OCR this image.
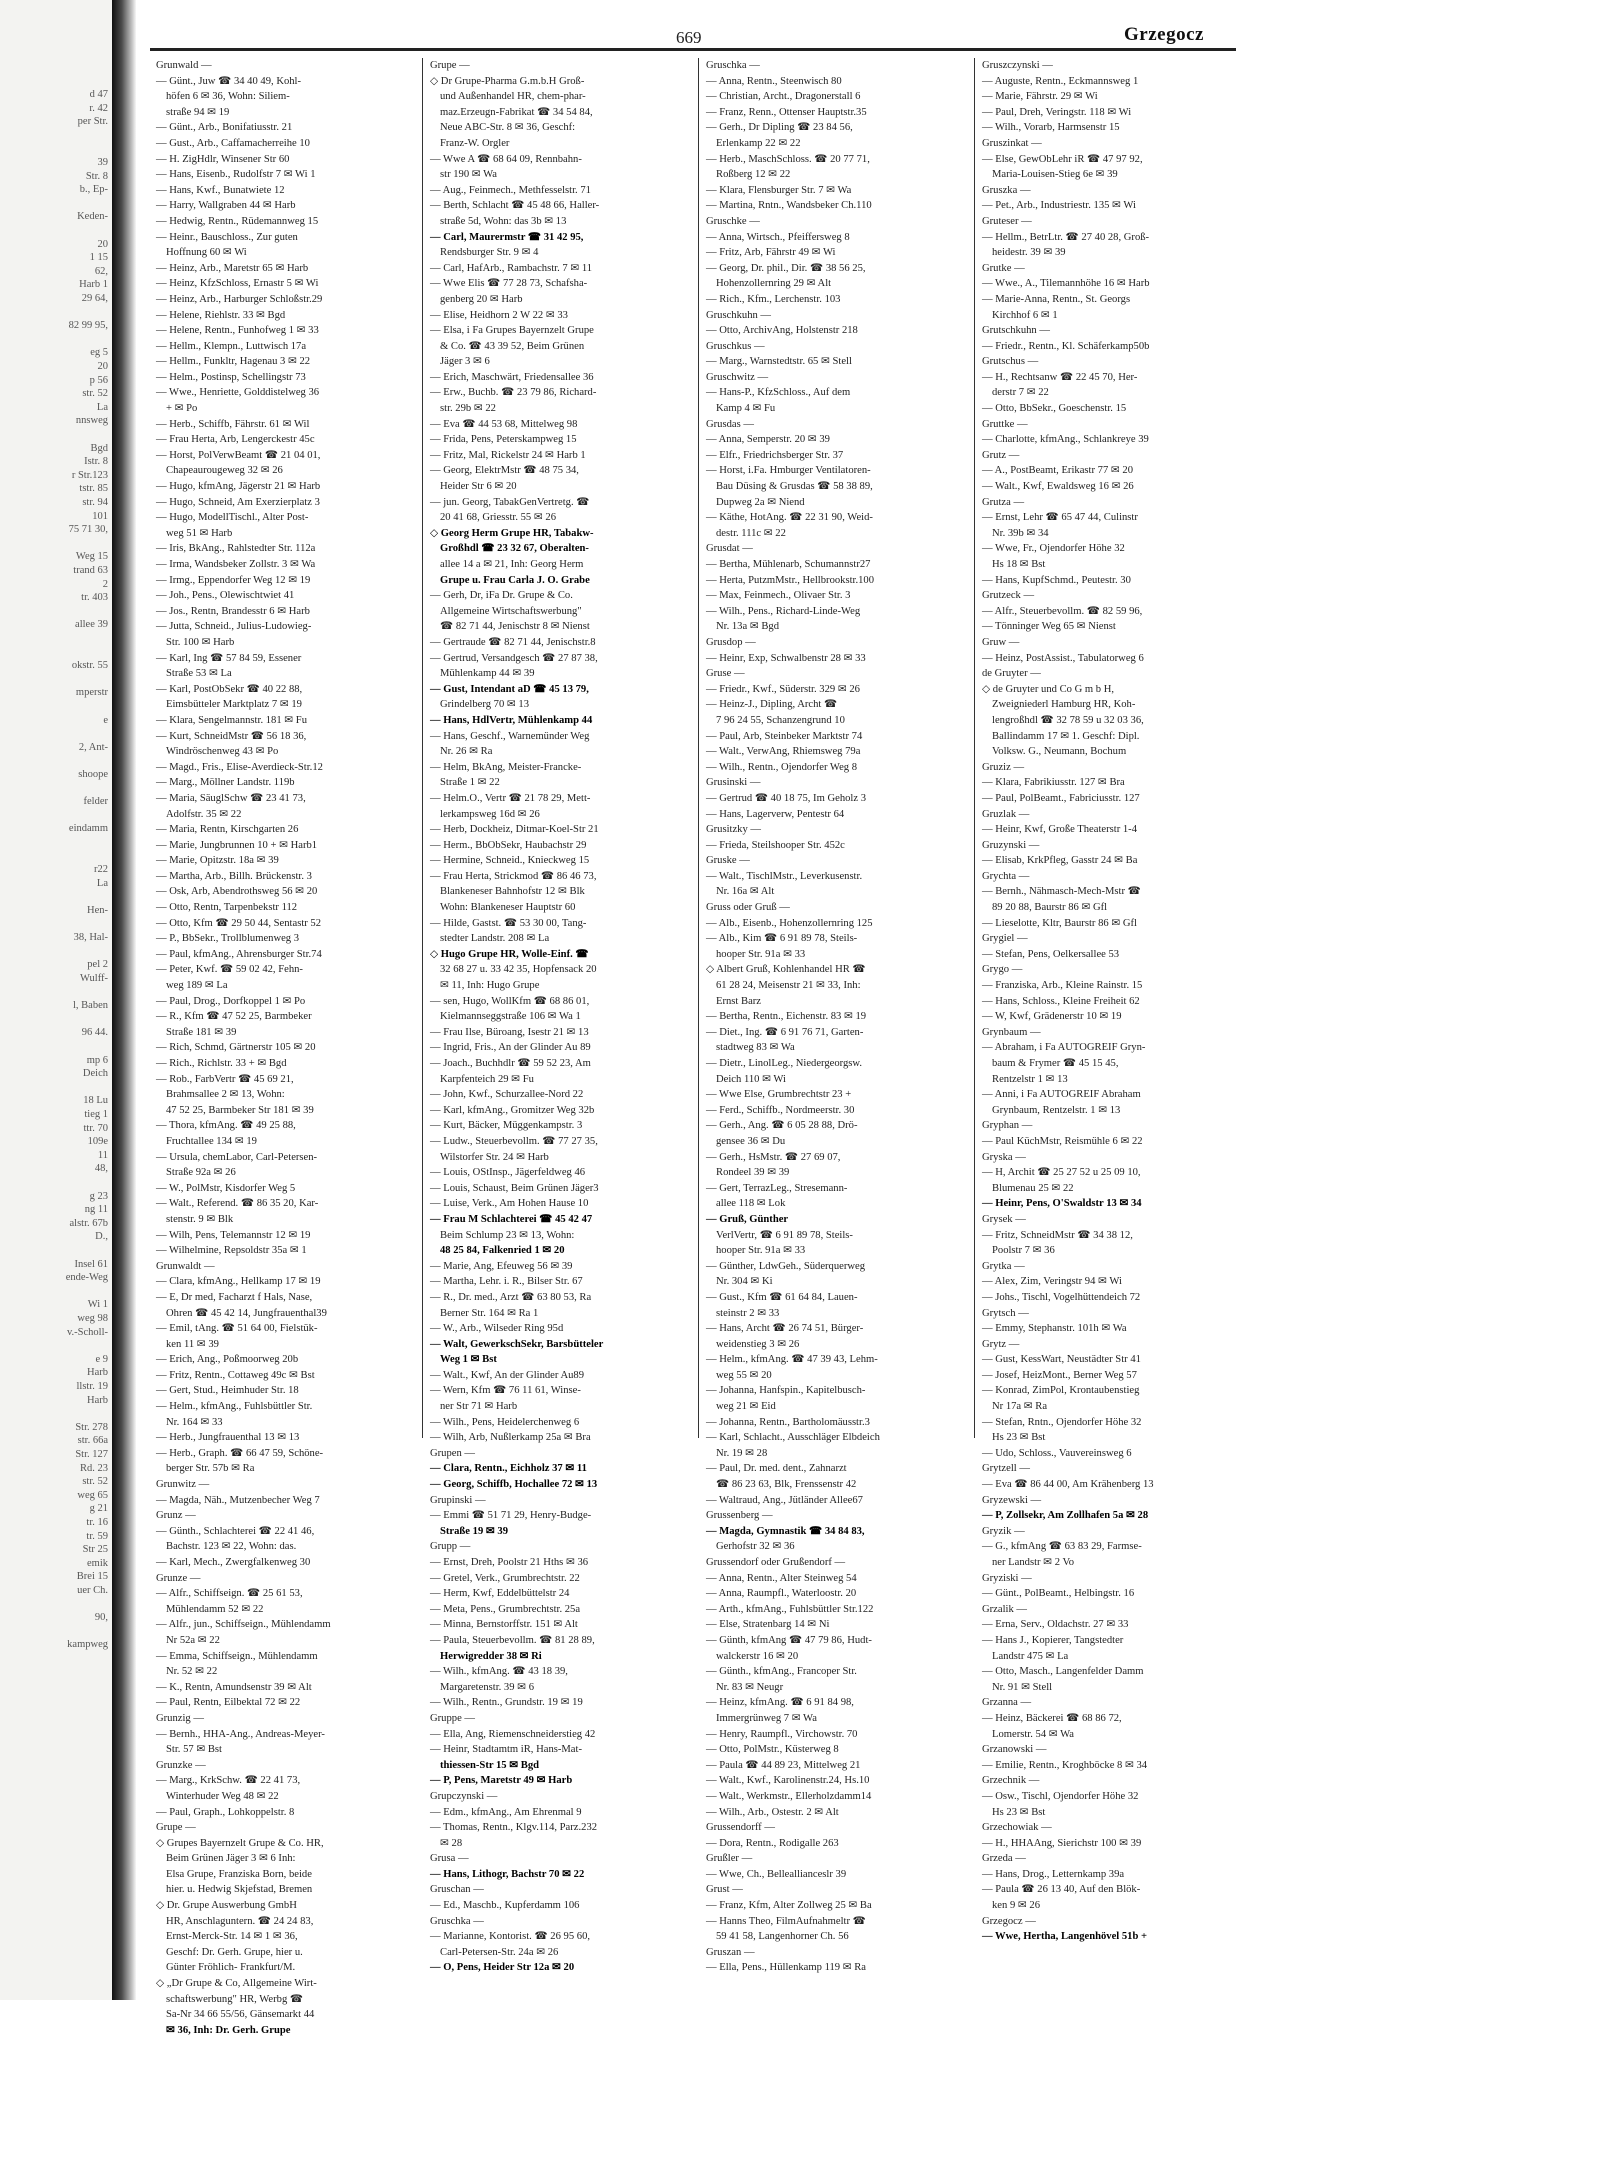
d 47
r. 42
per Str.
39
Str. 8
b., Ep-
Keden-
20
1 15
62,
Harb 1
29 64,
82 99 95,
eg 5
20
p 56
str. 52
La
nnsweg
Bgd
Istr. 8
r Str.123
tstr. 85
str. 94
101
75 71 30,
Weg 15
trand 63
2
tr. 403
allee 39
okstr. 55
mperstr
e
2, Ant-
shoope
felder
eindamm
r22
La
Hen-
38, Hal-
pel 2
Wulff-
l, Baben
96 44.
mp 6
Deich
18 Lu
tieg 1
ttr. 70
109e
11
48,
g 23
ng 11
alstr. 67b
D.,
Insel 61
ende-Weg
Wi 1
weg 98
v.-Scholl-
e 9
Harb
llstr. 19
Harb
Str. 278
str. 66a
Str. 127
Rd. 23
str. 52
weg 65
g 21
tr. 16
tr. 59
Str 25
emik
Brei 15
uer Ch.
90,
kampweg
669	Grzegocz
Grunwald —
— Günt., Juw ☎ 34 40 49, Kohl-
höfen 6 ✉ 36, Wohn: Siliem-
straße 94 ✉ 19
— Günt., Arb., Bonifatiusstr. 21
— Gust., Arb., Caffamacherreihe 10
— H. ZigHdlr, Winsener Str 60
— Hans, Eisenb., Rudolfstr 7 ✉ Wi 1
— Hans, Kwf., Bunatwiete 12
— Harry, Wallgraben 44 ✉ Harb
— Hedwig, Rentn., Rüdemannweg 15
— Heinr., Bauschloss., Zur guten
Hoffnung 60 ✉ Wi
— Heinz, Arb., Maretstr 65 ✉ Harb
— Heinz, KfzSchloss, Ernastr 5 ✉ Wi
— Heinz, Arb., Harburger Schloßstr.29
— Helene, Riehlstr. 33 ✉ Bgd
— Helene, Rentn., Funhofweg 1 ✉ 33
— Hellm., Klempn., Luttwisch 17a
— Hellm., Funkltr, Hagenau 3 ✉ 22
— Helm., Postinsp, Schellingstr 73
— Wwe., Henriette, Golddistelweg 36
+ ✉ Po
— Herb., Schiffb, Fährstr. 61 ✉ Wil
— Frau Herta, Arb, Lengerckestr 45c
— Horst, PolVerwBeamt ☎ 21 04 01,
Chapeaurougeweg 32 ✉ 26
— Hugo, kfmAng, Jägerstr 21 ✉ Harb
— Hugo, Schneid, Am Exerzierplatz 3
— Hugo, ModellTischl., Alter Post-
weg 51 ✉ Harb
— Iris, BkAng., Rahlstedter Str. 112a
— Irma, Wandsbeker Zollstr. 3 ✉ Wa
— Irmg., Eppendorfer Weg 12 ✉ 19
— Joh., Pens., Olewischtwiet 41
— Jos., Rentn, Brandesstr 6 ✉ Harb
— Jutta, Schneid., Julius-Ludowieg-
Str. 100 ✉ Harb
— Karl, Ing ☎ 57 84 59, Essener
Straße 53 ✉ La
— Karl, PostObSekr ☎ 40 22 88,
Eimsbütteler Marktplatz 7 ✉ 19
— Klara, Sengelmannstr. 181 ✉ Fu
— Kurt, SchneidMstr ☎ 56 18 36,
Windröschenweg 43 ✉ Po
— Magd., Fris., Elise-Averdieck-Str.12
— Marg., Möllner Landstr. 119b
— Maria, SäuglSchw ☎ 23 41 73,
Adolfstr. 35 ✉ 22
— Maria, Rentn, Kirschgarten 26
— Marie, Jungbrunnen 10 + ✉ Harb1
— Marie, Opitzstr. 18a ✉ 39
— Martha, Arb., Billh. Brückenstr. 3
— Osk, Arb, Abendrothsweg 56 ✉ 20
— Otto, Rentn, Tarpenbekstr 112
— Otto, Kfm ☎ 29 50 44, Sentastr 52
— P., BbSekr., Trollblumenweg 3
— Paul, kfmAng., Ahrensburger Str.74
— Peter, Kwf. ☎ 59 02 42, Fehn-
weg 189 ✉ La
— Paul, Drog., Dorfkoppel 1 ✉ Po
— R., Kfm ☎ 47 52 25, Barmbeker
Straße 181 ✉ 39
— Rich, Schmd, Gärtnerstr 105 ✉ 20
— Rich., Richlstr. 33 + ✉ Bgd
— Rob., FarbVertr ☎ 45 69 21,
Brahmsallee 2 ✉ 13, Wohn:
47 52 25, Barmbeker Str 181 ✉ 39
— Thora, kfmAng. ☎ 49 25 88,
Fruchtallee 134 ✉ 19
— Ursula, chemLabor, Carl-Petersen-
Straße 92a ✉ 26
— W., PolMstr, Kisdorfer Weg 5
— Walt., Referend. ☎ 86 35 20, Kar-
stenstr. 9 ✉ Blk
— Wilh, Pens, Telemannstr 12 ✉ 19
— Wilhelmine, Repsoldstr 35a ✉ 1
Grunwaldt —
— Clara, kfmAng., Hellkamp 17 ✉ 19
— E, Dr med, Facharzt f Hals, Nase,
Ohren ☎ 45 42 14, Jungfrauenthal39
— Emil, tAng. ☎ 51 64 00, Fielstük-
ken 11 ✉ 39
— Erich, Ang., Poßmoorweg 20b
— Fritz, Rentn., Cottaweg 49c ✉ Bst
— Gert, Stud., Heimhuder Str. 18
— Helm., kfmAng., Fuhlsbüttler Str.
Nr. 164 ✉ 33
— Herb., Jungfrauenthal 13 ✉ 13
— Herb., Graph. ☎ 66 47 59, Schöne-
berger Str. 57b ✉ Ra
Grunwitz —
— Magda, Näh., Mutzenbecher Weg 7
Grunz —
— Günth., Schlachterei ☎ 22 41 46,
Bachstr. 123 ✉ 22, Wohn: das.
— Karl, Mech., Zwergfalkenweg 30
Grunze —
— Alfr., Schiffseign. ☎ 25 61 53,
Mühlendamm 52 ✉ 22
— Alfr., jun., Schiffseign., Mühlendamm
Nr 52a ✉ 22
— Emma, Schiffseign., Mühlendamm
Nr. 52 ✉ 22
— K., Rentn, Amundsenstr 39 ✉ Alt
— Paul, Rentn, Eilbektal 72 ✉ 22
Grunzig —
— Bernh., HHA-Ang., Andreas-Meyer-
Str. 57 ✉ Bst
Grunzke —
— Marg., KrkSchw. ☎ 22 41 73,
Winterhuder Weg 48 ✉ 22
— Paul, Graph., Lohkoppelstr. 8
Grupe —
◇ Grupes Bayernzelt Grupe & Co. HR,
Beim Grünen Jäger 3 ✉ 6 Inh:
Elsa Grupe, Franziska Born, beide
hier. u. Hedwig Skjefstad, Bremen
◇ Dr. Grupe Auswerbung GmbH
HR, Anschlaguntern. ☎ 24 24 83,
Ernst-Merck-Str. 14 ✉ 1 ✉ 36,
Geschf: Dr. Gerh. Grupe, hier u.
Günter Fröhlich- Frankfurt/M.
◇ „Dr Grupe & Co, Allgemeine Wirt-
schaftswerbung" HR, Werbg ☎
Sa-Nr 34 66 55/56, Gänsemarkt 44
✉ 36, Inh: Dr. Gerh. Grupe
Grupe —
◇ Dr Grupe-Pharma G.m.b.H Groß-
und Außenhandel HR, chem-phar-
maz.Erzeugn-Fabrikat ☎ 34 54 84,
Neue ABC-Str. 8 ✉ 36, Geschf:
Franz-W. Orgler
— Wwe A ☎ 68 64 09, Rennbahn-
str 190 ✉ Wa
— Aug., Feinmech., Methfesselstr. 71
— Berth, Schlacht ☎ 45 48 66, Haller-
straße 5d, Wohn: das 3b ✉ 13
— Carl, Maurermstr ☎ 31 42 95,
Rendsburger Str. 9 ✉ 4
— Carl, HafArb., Rambachstr. 7 ✉ 11
— Wwe Elis ☎ 77 28 73, Schafsha-
genberg 20 ✉ Harb
— Elise, Heidhorn 2 W 22 ✉ 33
— Elsa, i Fa Grupes Bayernzelt Grupe
& Co. ☎ 43 39 52, Beim Grünen
Jäger 3 ✉ 6
— Erich, Maschwärt, Friedensallee 36
— Erw., Buchb. ☎ 23 79 86, Richard-
str. 29b ✉ 22
— Eva ☎ 44 53 68, Mittelweg 98
— Frida, Pens, Peterskampweg 15
— Fritz, Mal, Rickelstr 24 ✉ Harb 1
— Georg, ElektrMstr ☎ 48 75 34,
Heider Str 6 ✉ 20
— jun. Georg, TabakGenVertretg. ☎
20 41 68, Griesstr. 55 ✉ 26
◇ Georg Herm Grupe HR, Tabakw-
Großhdl ☎ 23 32 67, Oberalten-
allee 14 a ✉ 21, Inh: Georg Herm
Grupe u. Frau Carla J. O. Grabe
— Gerh, Dr, iFa Dr. Grupe & Co.
Allgemeine Wirtschaftswerbung"
☎ 82 71 44, Jenischstr 8 ✉ Nienst
— Gertraude ☎ 82 71 44, Jenischstr.8
— Gertrud, Versandgesch ☎ 27 87 38,
Mühlenkamp 44 ✉ 39
— Gust, Intendant aD ☎ 45 13 79,
Grindelberg 70 ✉ 13
— Hans, HdlVertr, Mühlenkamp 44
— Hans, Geschf., Warnemünder Weg
Nr. 26 ✉ Ra
— Helm, BkAng, Meister-Francke-
Straße 1 ✉ 22
— Helm.O., Vertr ☎ 21 78 29, Mett-
lerkampsweg 16d ✉ 26
— Herb, Dockheiz, Ditmar-Koel-Str 21
— Herm., BbObSekr, Haubachstr 29
— Hermine, Schneid., Knieckweg 15
— Frau Herta, Strickmod ☎ 86 46 73,
Blankeneser Bahnhofstr 12 ✉ Blk
Wohn: Blankeneser Hauptstr 60
— Hilde, Gastst. ☎ 53 30 00, Tang-
stedter Landstr. 208 ✉ La
◇ Hugo Grupe HR, Wolle-Einf. ☎
32 68 27 u. 33 42 35, Hopfensack 20
✉ 11, Inh: Hugo Grupe
— sen, Hugo, WollKfm ☎ 68 86 01,
Kielmannseggstraße 106 ✉ Wa 1
— Frau Ilse, Büroang, Isestr 21 ✉ 13
— Ingrid, Fris., An der Glinder Au 89
— Joach., Buchhdlr ☎ 59 52 23, Am
Karpfenteich 29 ✉ Fu
— John, Kwf., Schurzallee-Nord 22
— Karl, kfmAng., Gromitzer Weg 32b
— Kurt, Bäcker, Müggenkampstr. 3
— Ludw., Steuerbevollm. ☎ 77 27 35,
Wilstorfer Str. 24 ✉ Harb
— Louis, OStInsp., Jägerfeldweg 46
— Louis, Schaust, Beim Grünen Jäger3
— Luise, Verk., Am Hohen Hause 10
— Frau M Schlachterei ☎ 45 42 47
Beim Schlump 23 ✉ 13, Wohn:
48 25 84, Falkenried 1 ✉ 20
— Marie, Ang, Efeuweg 56 ✉ 39
— Martha, Lehr. i. R., Bilser Str. 67
— R., Dr. med., Arzt ☎ 63 80 53, Ra
Berner Str. 164 ✉ Ra 1
— W., Arb., Wilseder Ring 95d
— Walt, GewerkschSekr, Barsbütteler
Weg 1 ✉ Bst
— Walt., Kwf, An der Glinder Au89
— Wern, Kfm ☎ 76 11 61, Winse-
ner Str 71 ✉ Harb
— Wilh., Pens, Heidelerchenweg 6
— Wilh, Arb, Nußlerkamp 25a ✉ Bra
Grupen —
— Clara, Rentn., Eichholz 37 ✉ 11
— Georg, Schiffb, Hochallee 72 ✉ 13
Grupinski —
— Emmi ☎ 51 71 29, Henry-Budge-
Straße 19 ✉ 39
Grupp —
— Ernst, Dreh, Poolstr 21 Hths ✉ 36
— Gretel, Verk., Grumbrechtstr. 22
— Herm, Kwf, Eddelbüttelstr 24
— Meta, Pens., Grumbrechtstr. 25a
— Minna, Bernstorffstr. 151 ✉ Alt
— Paula, Steuerbevollm. ☎ 81 28 89,
Herwigredder 38 ✉ Ri
— Wilh., kfmAng. ☎ 43 18 39,
Margaretenstr. 39 ✉ 6
— Wilh., Rentn., Grundstr. 19 ✉ 19
Gruppe —
— Ella, Ang, Riemenschneiderstieg 42
— Heinr, Stadtamtm iR, Hans-Mat-
thiessen-Str 15 ✉ Bgd
— P, Pens, Maretstr 49 ✉ Harb
Grupczynski —
— Edm., kfmAng., Am Ehrenmal 9
— Thomas, Rentn., Klgv.114, Parz.232
✉ 28
Grusa —
— Hans, Lithogr, Bachstr 70 ✉ 22
Gruschan —
— Ed., Maschb., Kupferdamm 106
Gruschka —
— Marianne, Kontorist. ☎ 26 95 60,
Carl-Petersen-Str. 24a ✉ 26
— O, Pens, Heider Str 12a ✉ 20
Gruschka —
— Anna, Rentn., Steenwisch 80
— Christian, Archt., Dragonerstall 6
— Franz, Renn., Ottenser Hauptstr.35
— Gerh., Dr Dipling ☎ 23 84 56,
Erlenkamp 22 ✉ 22
— Herb., MaschSchloss. ☎ 20 77 71,
Roßberg 12 ✉ 22
— Klara, Flensburger Str. 7 ✉ Wa
— Martina, Rntn., Wandsbeker Ch.110
Gruschke —
— Anna, Wirtsch., Pfeifferswеg 8
— Fritz, Arb, Fährstr 49 ✉ Wi
— Georg, Dr. phil., Dir. ☎ 38 56 25,
Hohenzollernring 29 ✉ Alt
— Rich., Kfm., Lerchenstr. 103
Gruschkuhn —
— Otto, ArchivAng, Holstenstr 218
Gruschkus —
— Marg., Warnstedtstr. 65 ✉ Stell
Gruschwitz —
— Hans-P., KfzSchloss., Auf dem
Kamp 4 ✉ Fu
Grusdas —
— Anna, Semperstr. 20 ✉ 39
— Elfr., Friedrichsberger Str. 37
— Horst, i.Fa. Hmburger Ventilatoren-
Bau Düsing & Grusdas ☎ 58 38 89,
Dupweg 2a ✉ Niend
— Käthe, HotAng. ☎ 22 31 90, Weid-
destr. 111c ✉ 22
Grusdat —
— Bertha, Mühlenarb, Schumannstr27
— Herta, PutzmMstr., Hellbrookstr.100
— Max, Feinmech., Olivaer Str. 3
— Wilh., Pens., Richard-Linde-Weg
Nr. 13a ✉ Bgd
Grusdop —
— Heinr, Exp, Schwalbenstr 28 ✉ 33
Gruse —
— Friedr., Kwf., Süderstr. 329 ✉ 26
— Heinz-J., Diplіng, Archt ☎
7 96 24 55, Schanzengrund 10
— Paul, Arb, Steinbeker Marktstr 74
— Walt., VerwAng, Rhiemsweg 79a
— Wilh., Rentn., Ojendorfer Weg 8
Grusinski —
— Gertrud ☎ 40 18 75, Im Geholz 3
— Hans, Lagerverw, Pentestr 64
Grusitzky —
— Frieda, Steilshooper Str. 452c
Gruske —
— Walt., TischlMstr., Leverkusenstr.
Nr. 16a ✉ Alt
Gruss oder Gruß —
— Alb., Eisenb., Hohenzollernring 125
— Alb., Kim ☎ 6 91 89 78, Steils-
hooper Str. 91a ✉ 33
◇ Albert Gruß, Kohlenhandel HR ☎
61 28 24, Meisenstr 21 ✉ 33, Inh:
Ernst Barz
— Bertha, Rentn., Eichenstr. 83 ✉ 19
— Diet., Ing. ☎ 6 91 76 71, Garten-
stadtweg 83 ✉ Wa
— Dietr., LinolLeg., Niedergeorgsw.
Deich 110 ✉ Wi
— Wwe Else, Grumbrechtstr 23 +
— Ferd., Schiffb., Nordmeerstr. 30
— Gerh., Ang. ☎ 6 05 28 88, Drö-
gensee 36 ✉ Du
— Gerh., HsMstr. ☎ 27 69 07,
Rondeel 39 ✉ 39
— Gert, TerrazLeg., Stresemann-
allee 118 ✉ Lok
— Gruß, Günther
VerlVertr, ☎ 6 91 89 78, Steils-
hooper Str. 91a ✉ 33
— Günther, LdwGeh., Süderquerweg
Nr. 304 ✉ Ki
— Gust., Kfm ☎ 61 64 84, Lauen-
steinstr 2 ✉ 33
— Hans, Archt ☎ 26 74 51, Bürger-
weidenstieg 3 ✉ 26
— Helm., kfmAng. ☎ 47 39 43, Lehm-
weg 55 ✉ 20
— Johanna, Hanfspin., Kapitelbusch-
weg 21 ✉ Eid
— Johanna, Rentn., Bartholomäusstr.3
— Karl, Schlacht., Ausschläger Elbdeich
Nr. 19 ✉ 28
— Paul, Dr. med. dent., Zahnarzt
☎ 86 23 63, Blk, Frenssenstr 42
— Waltraud, Ang., Jütländer Allee67
Grussenberg —
— Magda, Gymnastik ☎ 34 84 83,
Gerhofstr 32 ✉ 36
Grussendorf oder Grußendorf —
— Anna, Rentn., Alter Steinweg 54
— Anna, Raumpfl., Waterloostr. 20
— Arth., kfmAng., Fuhlsbüttler Str.122
— Else, Stratenbarg 14 ✉ Ni
— Günth, kfmAng ☎ 47 79 86, Hudt-
walckerstr 16 ✉ 20
— Günth., kfmAng., Francoper Str.
Nr. 83 ✉ Neugr
— Heinz, kfmAng. ☎ 6 91 84 98,
Immergrünweg 7 ✉ Wa
— Henry, Raumpfl., Virchowstr. 70
— Otto, PolMstr., Küsterweg 8
— Paula ☎ 44 89 23, Mittelweg 21
— Walt., Kwf., Karolinenstr.24, Hs.10
— Walt., Werkmstr., Ellerholzdamm14
— Wilh., Arb., Ostestr. 2 ✉ Alt
Grussendorff —
— Dora, Rentn., Rodigalle 263
Grußler —
— Wwe, Ch., Belleallianceslr 39
Grust —
— Franz, Kfm, Alter Zollweg 25 ✉ Ba
— Hanns Theo, FilmAufnahmeltr ☎
59 41 58, Langenhorner Ch. 56
Gruszan —
— Ella, Pens., Hüllenkamp 119 ✉ Ra
Gruszczynski —
— Auguste, Rentn., Eckmannsweg 1
— Marie, Fährstr. 29 ✉ Wi
— Paul, Dreh, Veringstr. 118 ✉ Wi
— Wilh., Vorarb, Harmsenstr 15
Gruszinkat —
— Else, GewObLehr iR ☎ 47 97 92,
Maria-Louisen-Stieg 6e ✉ 39
Gruszka —
— Pet., Arb., Industriestr. 135 ✉ Wi
Gruteser —
— Hellm., BetrLtr. ☎ 27 40 28, Groß-
heidestr. 39 ✉ 39
Grutke —
— Wwe., A., Tilemannhöhe 16 ✉ Harb
— Marie-Anna, Rentn., St. Georgs
Kirchhof 6 ✉ 1
Grutschkuhn —
— Friedr., Rentn., Kl. Schäferkamp50b
Grutschus —
— H., Rechtsanw ☎ 22 45 70, Her-
derstr 7 ✉ 22
— Otto, BbSekr., Goeschenstr. 15
Gruttke —
— Charlotte, kfmAng., Schlankreye 39
Grutz —
— A., PostBeamt, Erikastr 77 ✉ 20
— Walt., Kwf, Ewaldsweg 16 ✉ 26
Grutza —
— Ernst, Lehr ☎ 65 47 44, Culinstr
Nr. 39b ✉ 34
— Wwe, Fr., Ojendorfer Höhe 32
Hs 18 ✉ Bst
— Hans, KupfSchmd., Peutestr. 30
Grutzeck —
— Alfr., Steuerbevollm. ☎ 82 59 96,
— Tönninger Weg 65 ✉ Nienst
Gruw —
— Heinz, PostAssist., Tabulatorweg 6
de Gruyter —
◇ de Gruyter und Co G m b H,
Zweigniederl Hamburg HR, Koh-
lengroßhdl ☎ 32 78 59 u 32 03 36,
Ballindamm 17 ✉ 1. Geschf: Dipl.
Volksw. G., Neumann, Bochum
Gruziz —
— Klara, Fabrikiusstr. 127 ✉ Bra
— Paul, PolBeamt., Fabriciusstr. 127
Gruzlak —
— Heinr, Kwf, Große Theaterstr 1-4
Gruzynski —
— Elisab, KrkPfleg, Gasstr 24 ✉ Ba
Grychta —
— Bernh., Nähmasch-Mech-Mstr ☎
89 20 88, Baurstr 86 ✉ Gfl
— Lieselotte, Kltr, Baurstr 86 ✉ Gfl
Grygiel —
— Stefan, Pens, Oelkersallee 53
Grygo —
— Franziska, Arb., Kleine Rainstr. 15
— Hans, Schloss., Kleine Freiheit 62
— W, Kwf, Grädenerstr 10 ✉ 19
Grynbaum —
— Abraham, i Fa AUTOGREIF Gryn-
baum & Frymer ☎ 45 15 45,
Rentzelstr 1 ✉ 13
— Anni, i Fa AUTOGREIF Abraham
Grynbaum, Rentzelstr. 1 ✉ 13
Gryphan —
— Paul KüchMstr, Reismühle 6 ✉ 22
Gryska —
— H, Archit ☎ 25 27 52 u 25 09 10,
Blumenau 25 ✉ 22
— Heinr, Pens, O'Swaldstr 13 ✉ 34
Grysek —
— Fritz, SchneidMstr ☎ 34 38 12,
Poolstr 7 ✉ 36
Grytka —
— Alex, Zim, Veringstr 94 ✉ Wi
— Johs., Tischl, Vogelhüttendeich 72
Grytsch —
— Emmy, Stephanstr. 101h ✉ Wa
Grytz —
— Gust, KessWart, Neustädter Str 41
— Josef, HeizMont., Berner Weg 57
— Konrad, ZimPol, Krontaubenstieg
Nr 17a ✉ Ra
— Stefan, Rntn., Ojendorfer Höhe 32
Hs 23 ✉ Bst
— Udo, Schloss., Vauvereinsweg 6
Grytzell —
— Eva ☎ 86 44 00, Am Krähenberg 13
Gryzewski —
— P, Zollsekr, Am Zollhafen 5a ✉ 28
Gryzik —
— G., kfmAng ☎ 63 83 29, Farmse-
ner Landstr ✉ 2 Vo
Gryziski —
— Günt., PolBeamt., Helbingstr. 16
Grzalik —
— Erna, Serv., Oldachstr. 27 ✉ 33
— Hans J., Kopierer, Tangstedter
Landstr 475 ✉ La
— Otto, Masch., Langenfelder Damm
Nr. 91 ✉ Stell
Grzanna —
— Heinz, Bäckerei ☎ 68 86 72,
Lomerstr. 54 ✉ Wa
Grzanowski —
— Emilie, Rentn., Kroghböcke 8 ✉ 34
Grzechnik —
— Osw., Tischl, Ojendorfer Höhe 32
Hs 23 ✉ Bst
Grzechowiak —
— H., HHAAng, Sierichstr 100 ✉ 39
Grzeda —
— Hans, Drog., Letternkamp 39a
— Paula ☎ 26 13 40, Auf den Blök-
ken 9 ✉ 26
Grzegocz —
— Wwe, Hertha, Langenhövel 51b +
